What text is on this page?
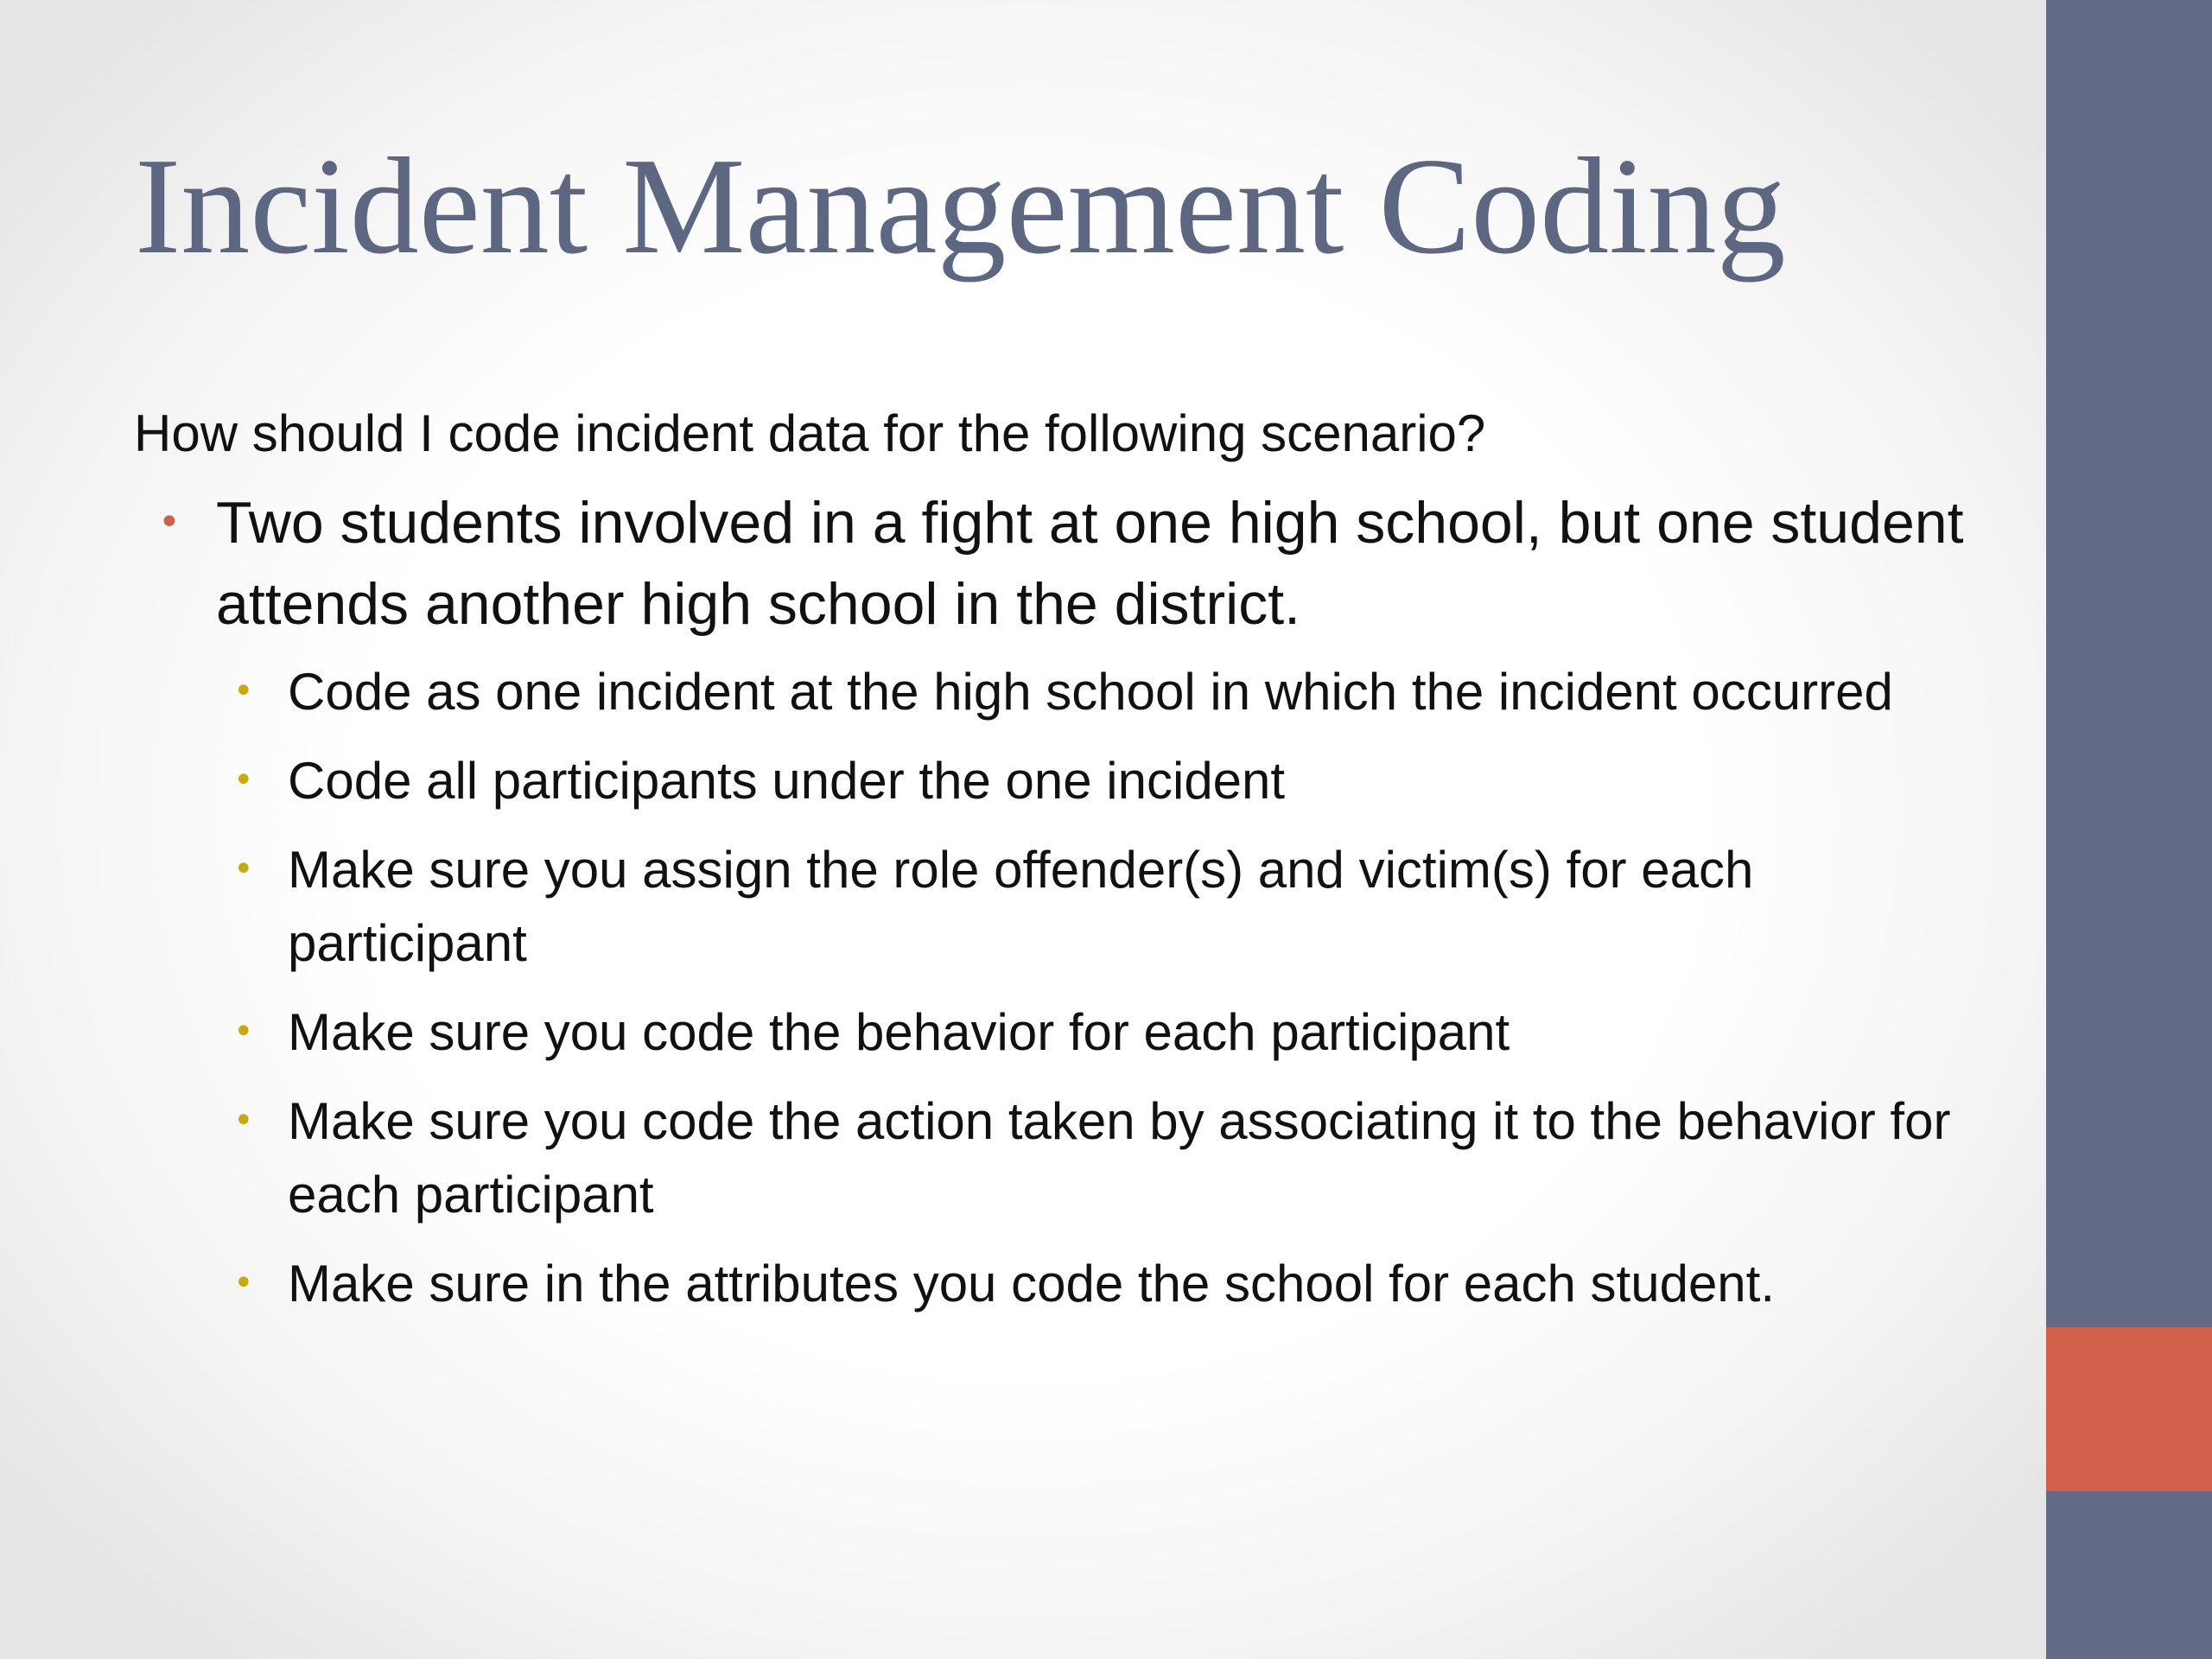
Incident Management Coding

How should I code incident data for the following scenario?

• Two students involved in a fight at one high school, but one student attends another high school in the district.
• Code as one incident at the high school in which the incident occurred
• Code all participants under the one incident
• Make sure you assign the role offender(s) and victim(s) for each participant
• Make sure you code the behavior for each participant
• Make sure you code the action taken by associating it to the behavior for each participant
• Make sure in the attributes you code the school for each student.
